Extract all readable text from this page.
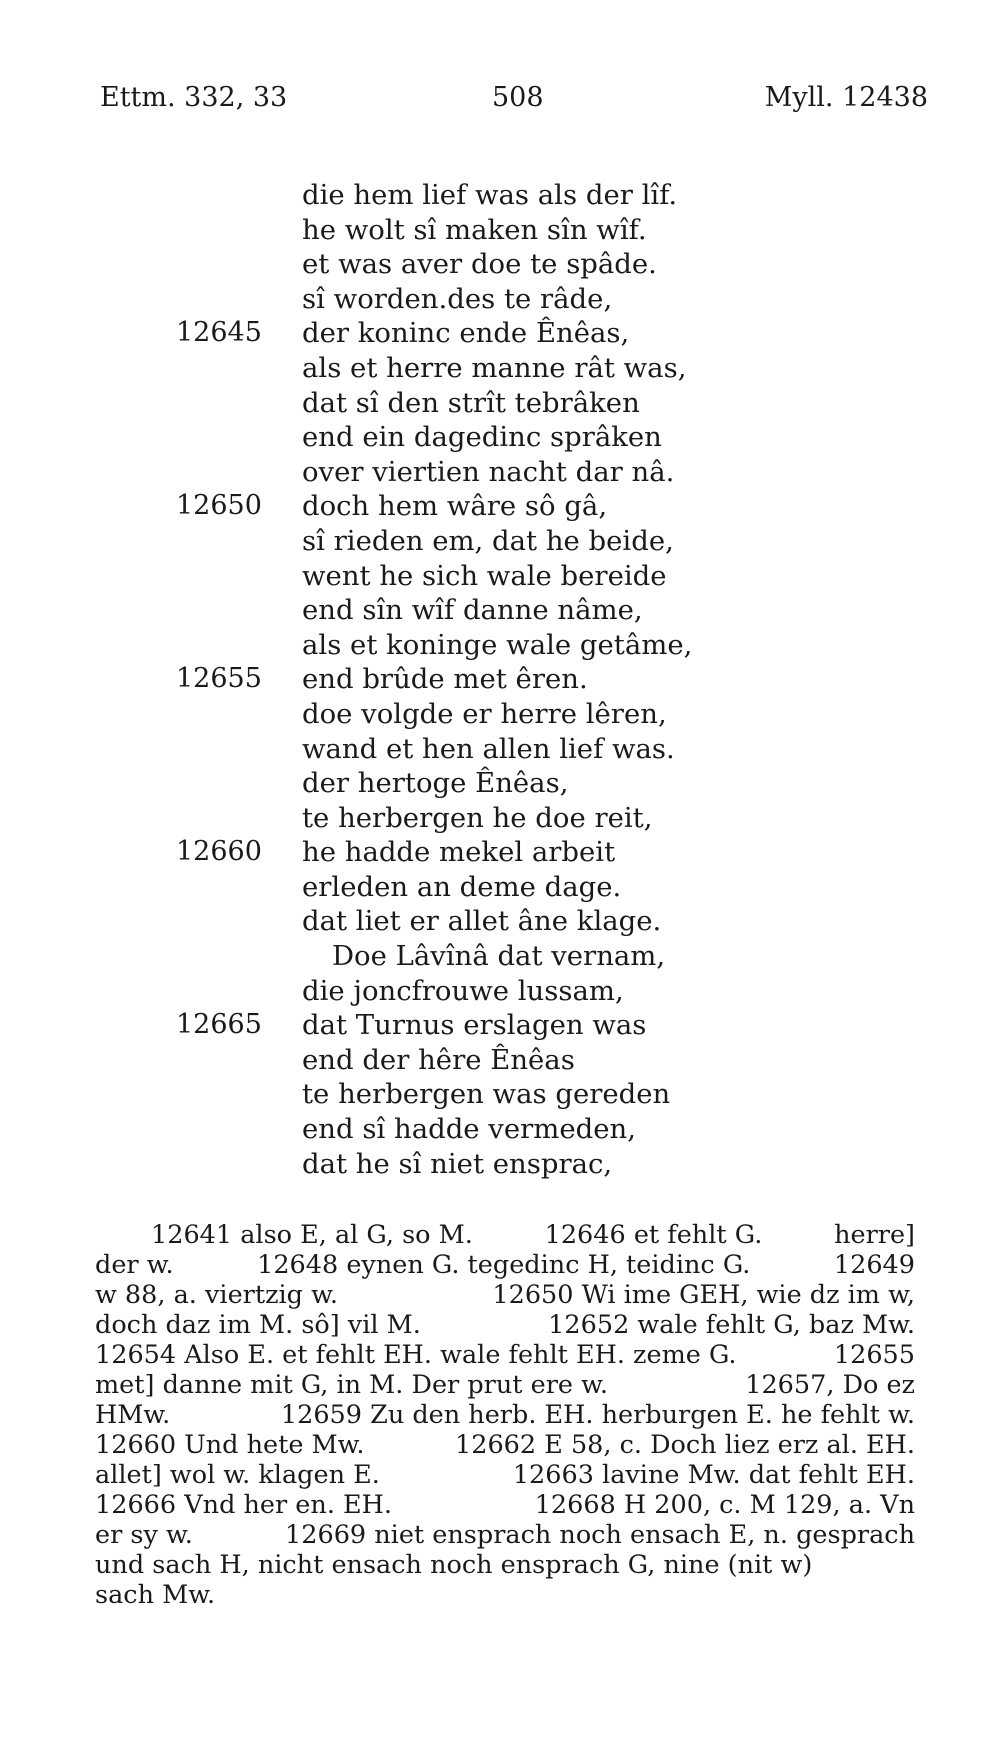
Ettm. 332, 33	508	Myll. 12438
die hem lief was als der lîf.
he wolt sî maken sîn wîf.
et was aver doe te spâde.
sî worden.des te râde,
12645 der koninc ende Ênêas,
als et herre manne rât was,
dat sî den strît tebrâken
end ein dagedinc sprâken
over viertien nacht dar nâ.
12650 doch hem wâre sô gâ,
sî rieden em, dat he beide,
went he sich wale bereide
end sîn wîf danne nâme,
als et koninge wale getâme,
12655 end brûde met êren.
doe volgde er herre lêren,
wand et hen allen lief was.
der hertoge Ênêas,
te herbergen he doe reit,
12660 he hadde mekel arbeit
erleden an deme dage.
dat liet er allet âne klage.
Doe Lâvînâ dat vernam,
die joncfrouwe lussam,
12665 dat Turnus erslagen was
end der hêre Ênêas
te herbergen was gereden
end sî hadde vermeden,
dat he sî niet ensprac,
12641 also E, al G, so M.	12646 et fehlt G.	herre]
der w.	12648 eynen G. tegedinc H, teidinc G.	12649
w 88, a. viertzig w.	12650 Wi ime GEH, wie dz im w,
doch daz im M. sô] vil M.	12652 wale fehlt G, baz Mw.
12654 Also E. et fehlt EH. wale fehlt EH. zeme G.	12655
met] danne mit G, in M. Der prut ere w.	12657, Do ez
HMw.	12659 Zu den herb. EH. herburgen E. he fehlt w.
12660 Und hete Mw.	12662 E 58, c. Doch liez erz al. EH.
allet] wol w. klagen E.	12663 lavine Mw. dat fehlt EH.
12666 Vnd her en. EH.	12668 H 200, c. M 129, a. Vn
er sy w.	12669 niet ensprach noch ensach E, n. gesprach
und sach H, nicht ensach noch ensprach G, nine (nit w)
sach Mw.
